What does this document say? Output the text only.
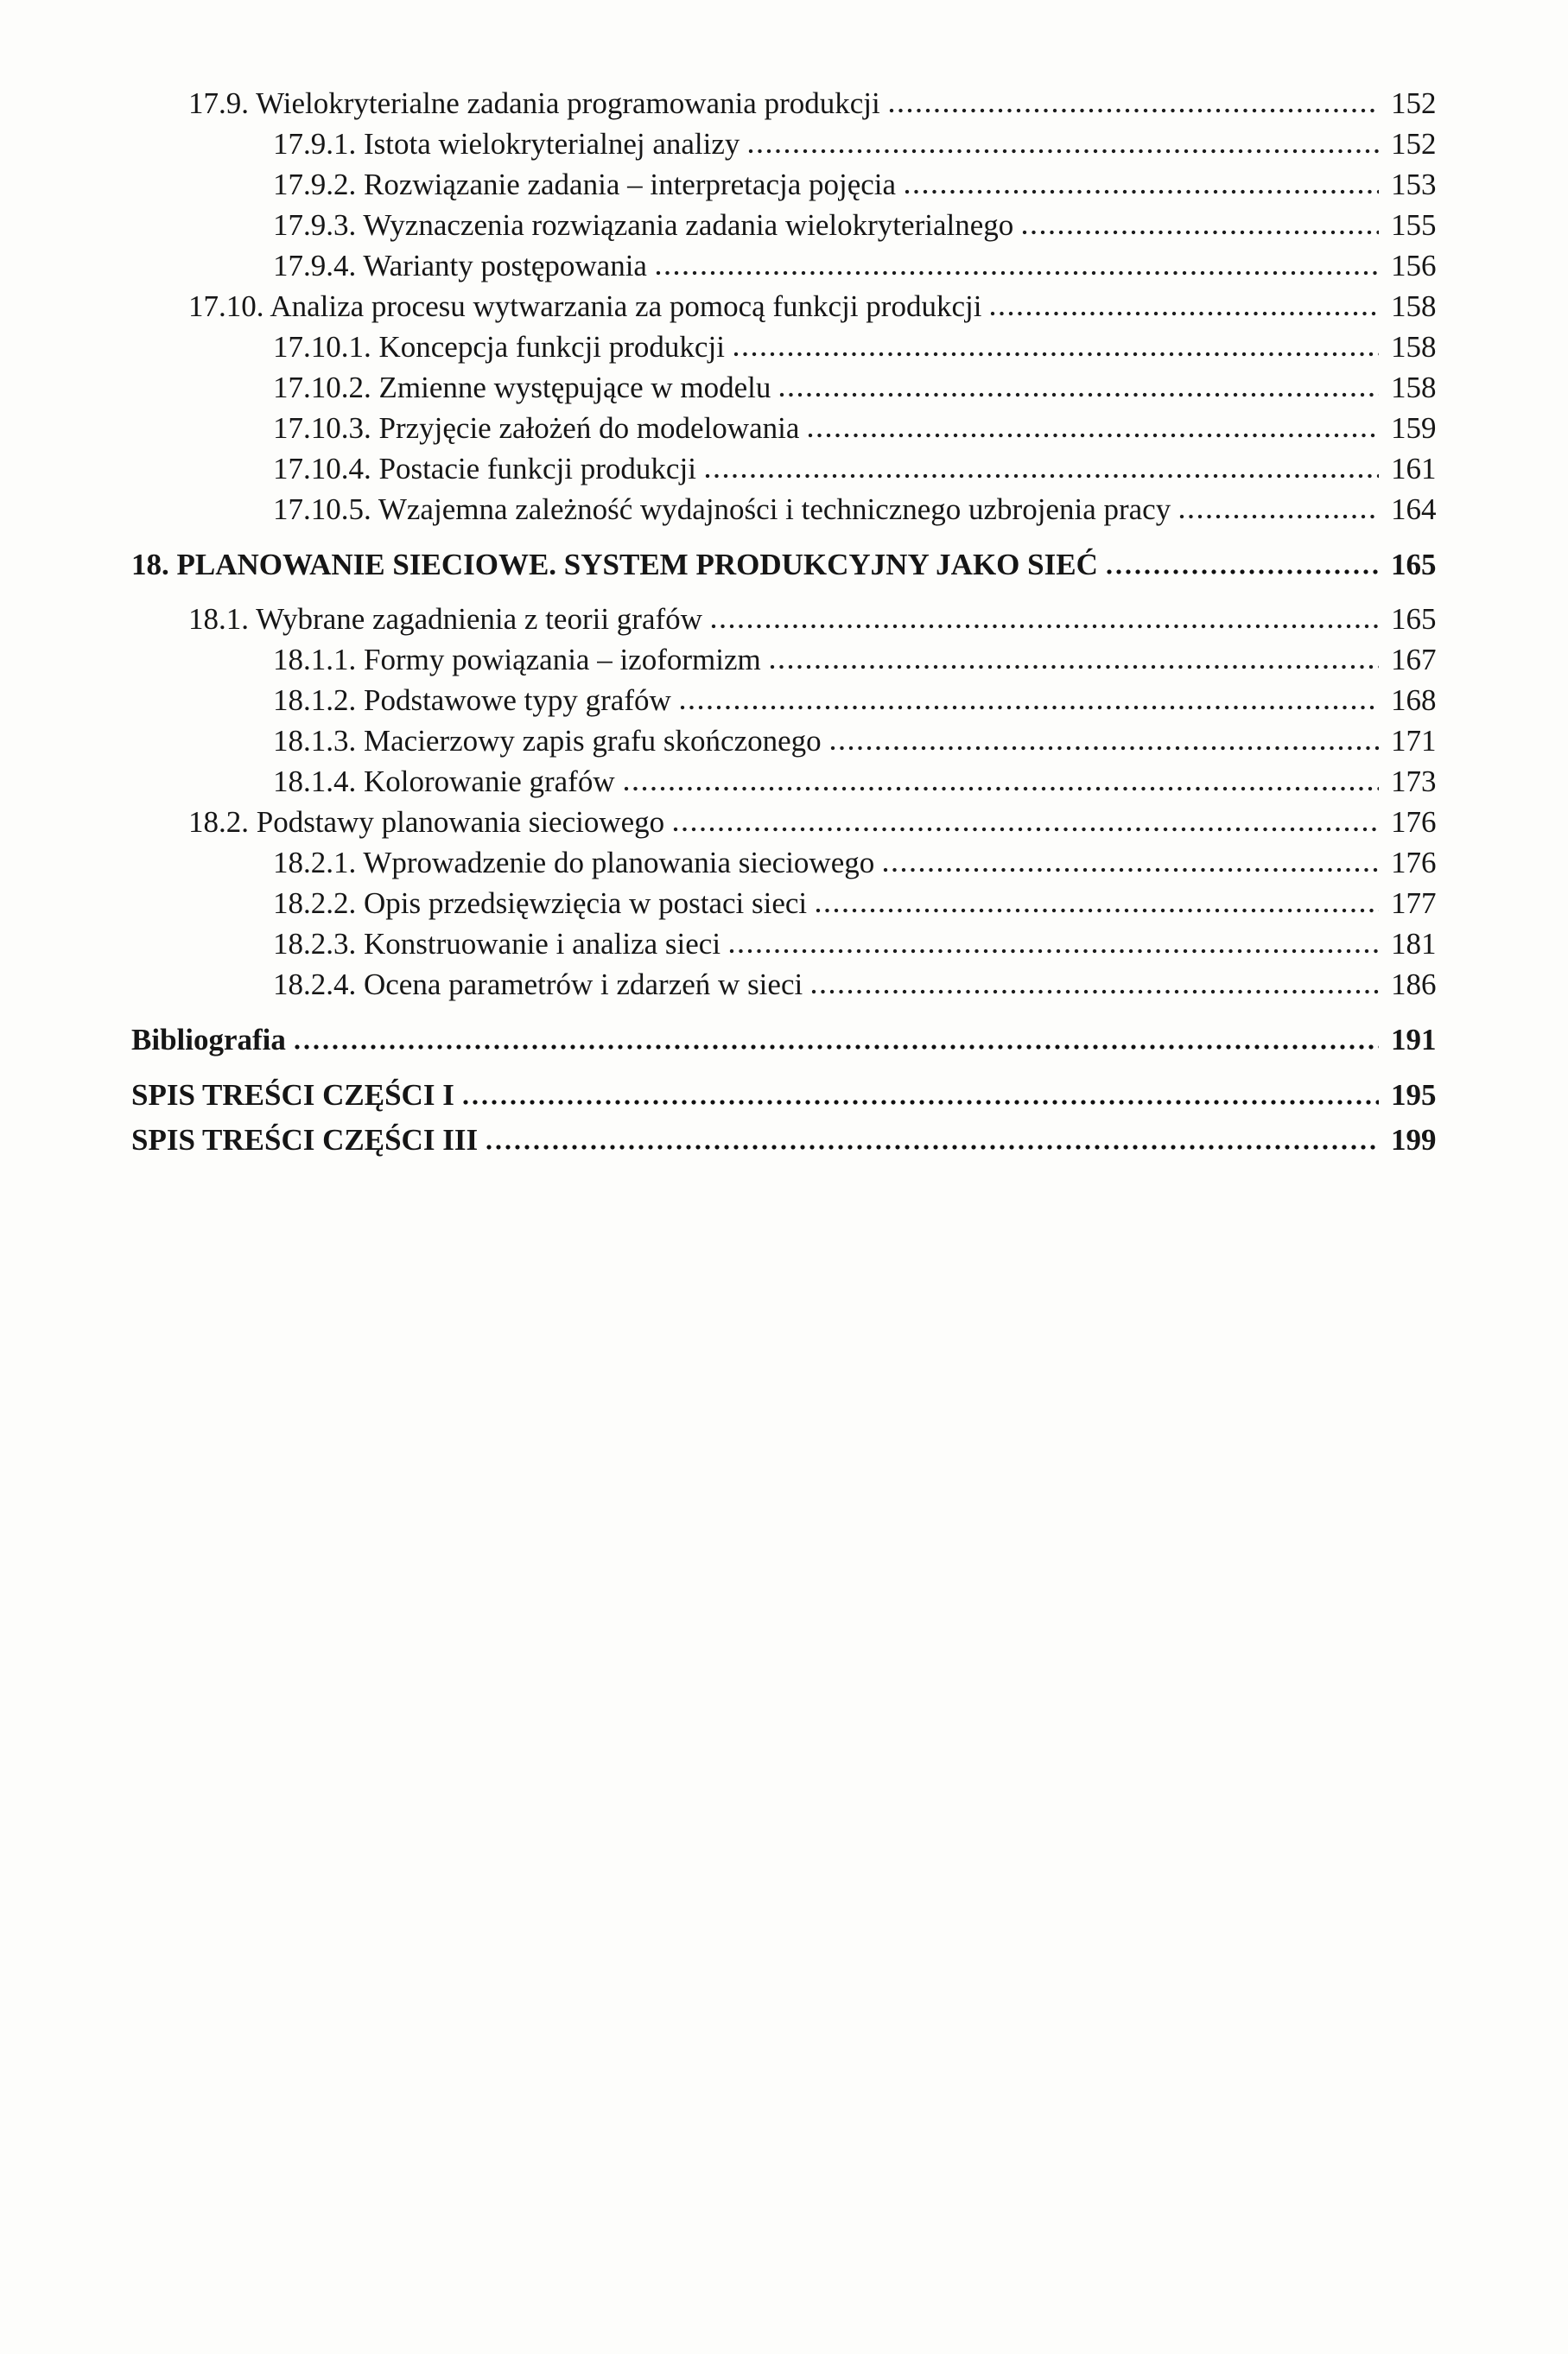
17.9. Wielokryterialne zadania programowania produkcji	152
17.9.1. Istota wielokryterialnej analizy	152
17.9.2. Rozwiązanie zadania – interpretacja pojęcia	153
17.9.3. Wyznaczenia rozwiązania zadania wielokryterialnego	155
17.9.4. Warianty postępowania	156
17.10. Analiza procesu wytwarzania za pomocą funkcji produkcji	158
17.10.1. Koncepcja funkcji produkcji	158
17.10.2. Zmienne występujące w modelu	158
17.10.3. Przyjęcie założeń do modelowania	159
17.10.4. Postacie funkcji produkcji	161
17.10.5. Wzajemna zależność wydajności i technicznego uzbrojenia pracy	164
18. PLANOWANIE SIECIOWE. SYSTEM PRODUKCYJNY JAKO SIEĆ	165
18.1. Wybrane zagadnienia z teorii grafów	165
18.1.1. Formy powiązania – izoformizm	167
18.1.2. Podstawowe typy grafów	168
18.1.3. Macierzowy zapis grafu skończonego	171
18.1.4. Kolorowanie grafów	173
18.2. Podstawy planowania sieciowego	176
18.2.1. Wprowadzenie do planowania sieciowego	176
18.2.2. Opis przedsięwzięcia w postaci sieci	177
18.2.3. Konstruowanie i analiza sieci	181
18.2.4. Ocena parametrów i zdarzeń w sieci	186
Bibliografia	191
SPIS TREŚCI CZĘŚCI I	195
SPIS TREŚCI CZĘŚCI III	199
